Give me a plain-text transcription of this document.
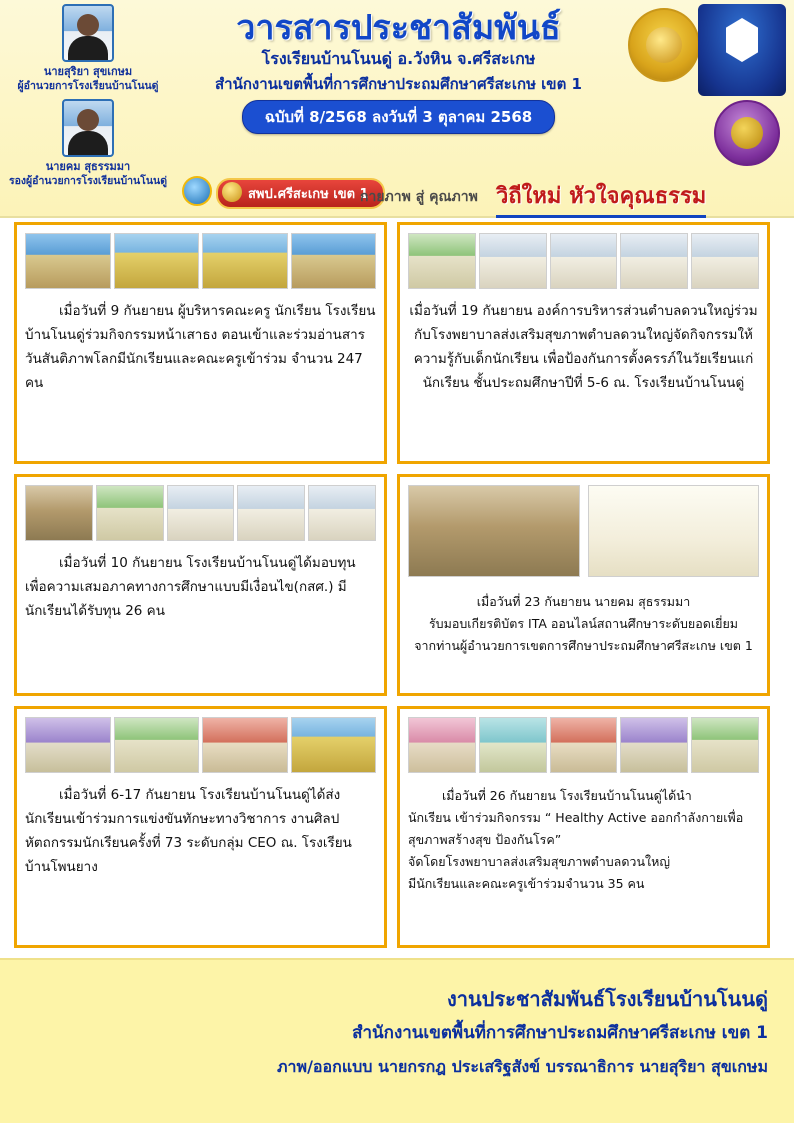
นายสุริยา สุขเกษม
ผู้อำนวยการโรงเรียนบ้านโนนดู่
นายคม สุธรรมมา
รองผู้อำนวยการโรงเรียนบ้านโนนดู่
วารสารประชาสัมพันธ์
โรงเรียนบ้านโนนดู่ อ.วังหิน จ.ศรีสะเกษ
สำนักงานเขตพื้นที่การศึกษาประถมศึกษาศรีสะเกษ เขต 1
ฉบับที่ 8/2568 ลงวันที่ 3 ตุลาคม 2568
สพป.ศรีสะเกษ เขต 1
กายภาพ สู่ คุณภาพ วิถีใหม่ หัวใจคุณธรรม
เมื่อวันที่ 9 กันยายน ผู้บริหารคณะครู นักเรียน โรงเรียนบ้านโนนดู่ร่วมกิจกรรมหน้าเสาธง ตอนเข้าและร่วมอ่านสารวันสันติภาพโลกมีนักเรียนและคณะครูเข้าร่วม จำนวน 247 คน
เมื่อวันที่ 19 กันยายน องค์การบริหารส่วนตำบลดวนใหญ่ร่วมกับโรงพยาบาลส่งเสริมสุขภาพตำบลดวนใหญ่จัดกิจกรรมให้ความรู้กับเด็กนักเรียน เพื่อป้องกันการตั้งครรภ์ในวัยเรียนแก่นักเรียน ชั้นประถมศึกษาปีที่ 5-6 ณ. โรงเรียนบ้านโนนดู่
เมื่อวันที่ 10 กันยายน โรงเรียนบ้านโนนดู่ได้มอบทุนเพื่อความเสมอภาคทางการศึกษาแบบมีเงื่อนไข(กสศ.) มีนักเรียนได้รับทุน 26 คน
เมื่อวันที่ 23 กันยายน นายคม สุธรรมมา
รับมอบเกียรติบัตร ITA ออนไลน์สถานศึกษาระดับยอดเยี่ยม
จากท่านผู้อำนวยการเขตการศึกษาประถมศึกษาศรีสะเกษ เขต 1
เมื่อวันที่ 6-17 กันยายน โรงเรียนบ้านโนนดู่ได้ส่งนักเรียนเข้าร่วมการแข่งขันทักษะทางวิชาการ งานศิลปหัตถกรรมนักเรียนครั้งที่ 73 ระดับกลุ่ม CEO ณ. โรงเรียนบ้านโพนยาง
เมื่อวันที่ 26 กันยายน โรงเรียนบ้านโนนดู่ได้นำ
นักเรียน เข้าร่วมกิจกรรม “ Healthy Active ออกกำลังกายเพื่อสุขภาพสร้างสุข ป้องกันโรค”
จัดโดยโรงพยาบาลส่งเสริมสุขภาพตำบลดวนใหญ่
มีนักเรียนและคณะครูเข้าร่วมจำนวน 35 คน
งานประชาสัมพันธ์โรงเรียนบ้านโนนดู่
สำนักงานเขตพื้นที่การศึกษาประถมศึกษาศรีสะเกษ เขต 1
ภาพ/ออกแบบ นายกรกฎ ประเสริฐสังข์ บรรณาธิการ นายสุริยา สุขเกษม
